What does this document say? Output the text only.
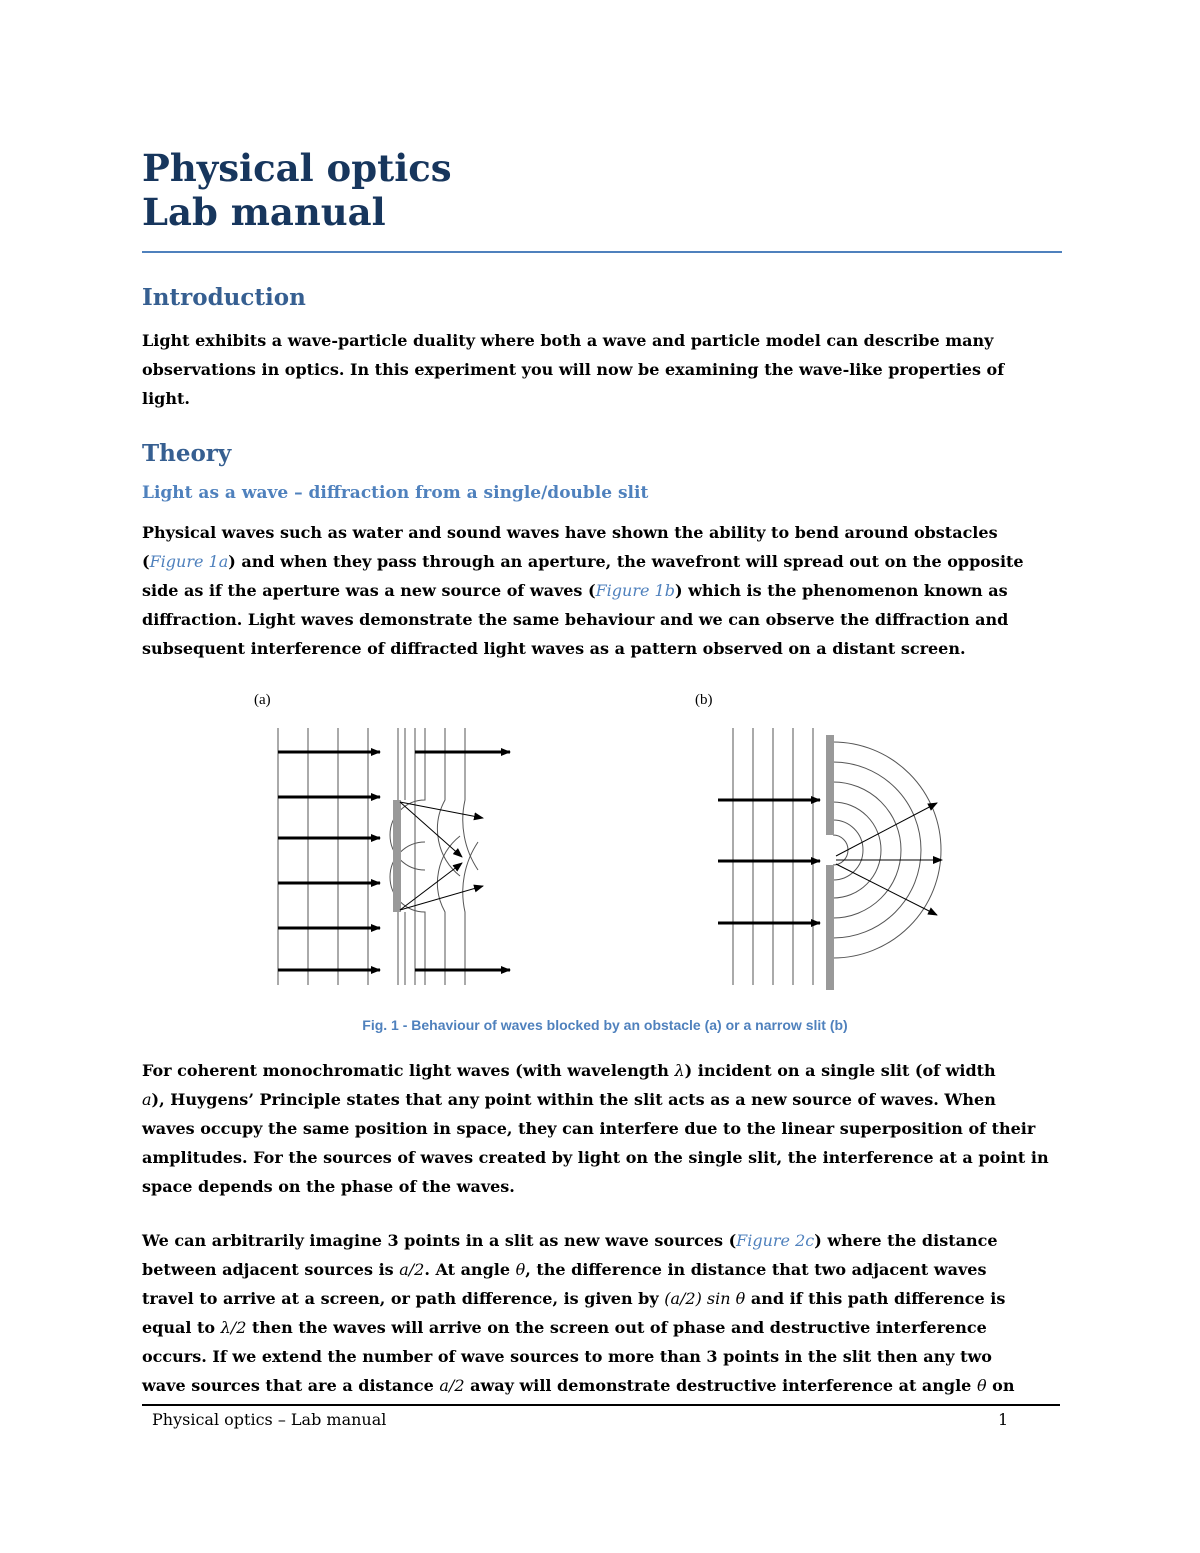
Physical optics
Lab manual
Introduction
Light exhibits a wave-particle duality where both a wave and particle model can describe many
observations in optics. In this experiment you will now be examining the wave-like properties of
light.
Theory
Light as a wave – diffraction from a single/double slit
Physical waves such as water and sound waves have shown the ability to bend around obstacles
(Figure 1a) and when they pass through an aperture, the wavefront will spread out on the opposite
side as if the aperture was a new source of waves (Figure 1b) which is the phenomenon known as
diffraction. Light waves demonstrate the same behaviour and we can observe the diffraction and
subsequent interference of diffracted light waves as a pattern observed on a distant screen.
(a)	(b)
Fig. 1 - Behaviour of waves blocked by an obstacle (a) or a narrow slit (b)
For coherent monochromatic light waves (with wavelength λ) incident on a single slit (of width
a), Huygens’ Principle states that any point within the slit acts as a new source of waves. When
waves occupy the same position in space, they can interfere due to the linear superposition of their
amplitudes. For the sources of waves created by light on the single slit, the interference at a point in
space depends on the phase of the waves.
We can arbitrarily imagine 3 points in a slit as new wave sources (Figure 2c) where the distance
between adjacent sources is a/2. At angle θ, the difference in distance that two adjacent waves
travel to arrive at a screen, or path difference, is given by (a/2) sin θ and if this path difference is
equal to λ/2 then the waves will arrive on the screen out of phase and destructive interference
occurs. If we extend the number of wave sources to more than 3 points in the slit then any two
wave sources that are a distance a/2 away will demonstrate destructive interference at angle θ on
Physical optics – Lab manual	1
